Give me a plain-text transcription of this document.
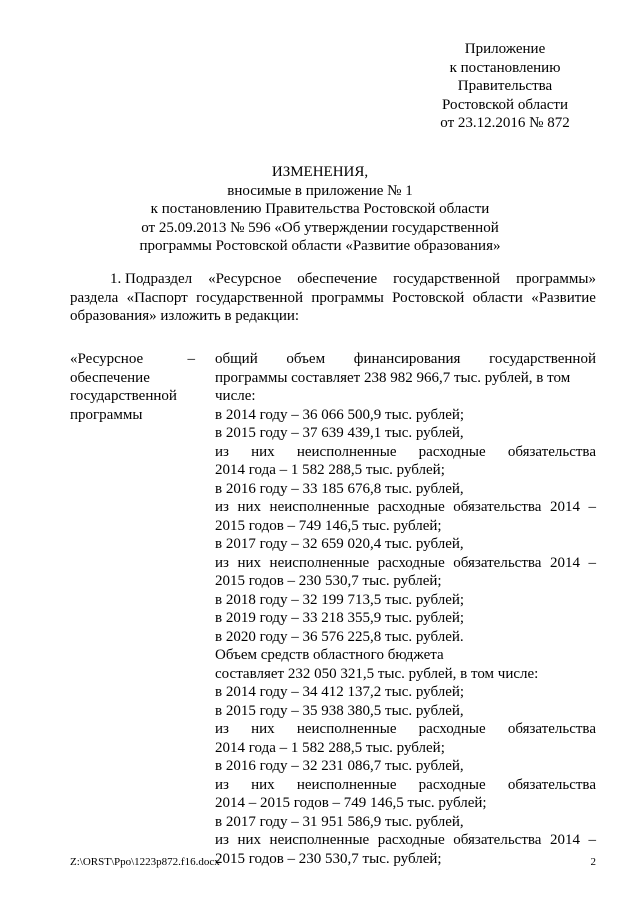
Приложение
к постановлению
Правительства
Ростовской области
от 23.12.2016 № 872
ИЗМЕНЕНИЯ,
вносимые в приложение № 1
к постановлению Правительства Ростовской области
от 25.09.2013 № 596 «Об утверждении государственной
программы Ростовской области «Развитие образования»
1. Подраздел «Ресурсное обеспечение государственной программы»
раздела «Паспорт государственной программы Ростовской области «Развитие
образования» изложить в редакции:
«Ресурсное	–
обеспечение
государственной
программы
общий объем финансирования государственной
программы составляет 238 982 966,7 тыс. рублей, в том
числе:
в 2014 году – 36 066 500,9 тыс. рублей;
в 2015 году – 37 639 439,1 тыс. рублей,
из них неисполненные расходные обязательства
2014 года – 1 582 288,5 тыс. рублей;
в 2016 году – 33 185 676,8 тыс. рублей,
из них неисполненные расходные обязательства 2014 –
2015 годов – 749 146,5 тыс. рублей;
в 2017 году – 32 659 020,4 тыс. рублей,
из них неисполненные расходные обязательства 2014 –
2015 годов – 230 530,7 тыс. рублей;
в 2018 году – 32 199 713,5 тыс. рублей;
в 2019 году – 33 218 355,9 тыс. рублей;
в 2020 году – 36 576 225,8 тыс. рублей.
Объем средств областного бюджета
составляет 232 050 321,5 тыс. рублей, в том числе:
в 2014 году – 34 412 137,2 тыс. рублей;
в 2015 году – 35 938 380,5 тыс. рублей,
из них неисполненные расходные обязательства
2014 года – 1 582 288,5 тыс. рублей;
в 2016 году – 32 231 086,7 тыс. рублей,
из них неисполненные расходные обязательства
2014 – 2015 годов – 749 146,5 тыс. рублей;
в 2017 году – 31 951 586,9 тыс. рублей,
из них неисполненные расходные обязательства 2014 –
2015 годов – 230 530,7 тыс. рублей;
Z:\ORST\Ppo\1223p872.f16.docx	2
